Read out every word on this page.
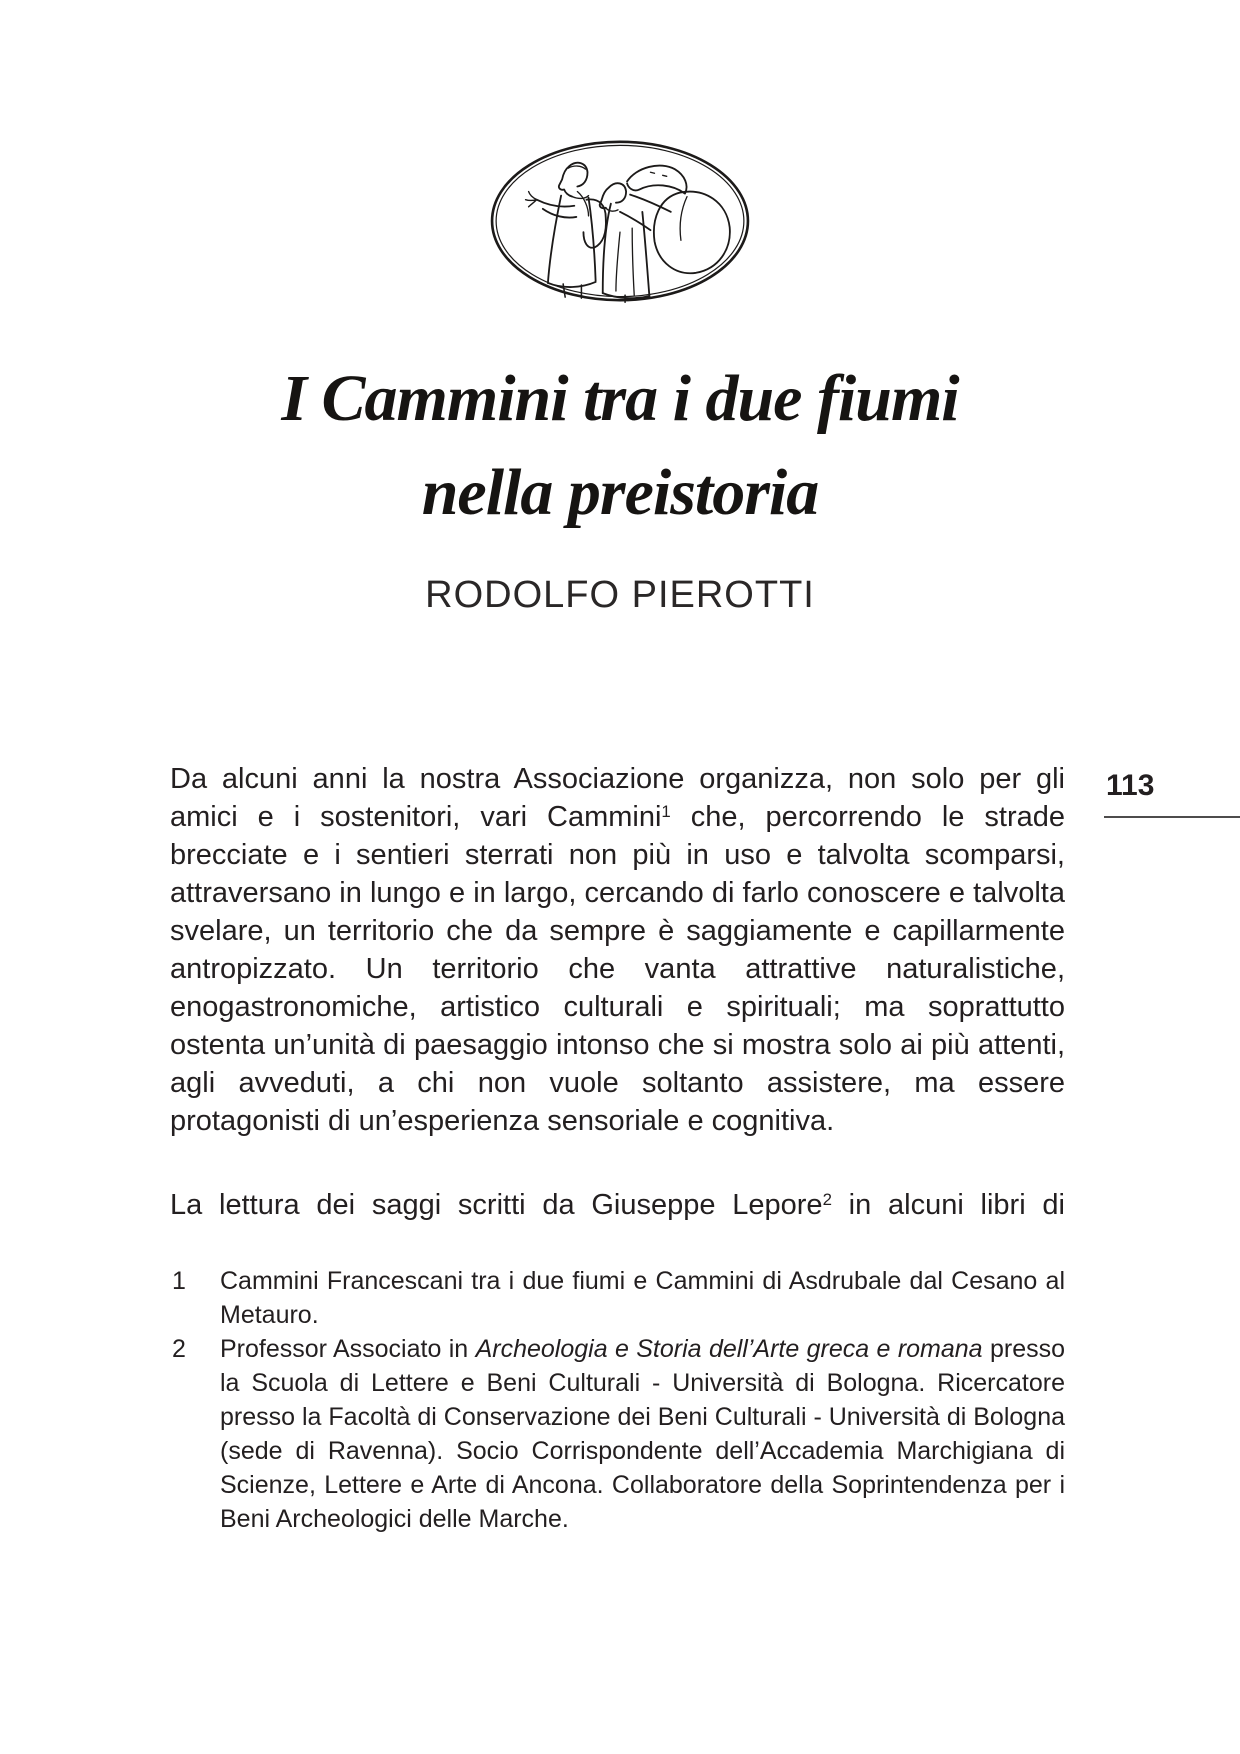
I Cammini tra i due fiumi
nella preistoria
RODOLFO PIEROTTI
113

Da alcuni anni la nostra Associazione organizza, non solo per gli amici e i sostenitori, vari Cammini$^1$ che, percorrendo le strade brecciate e i sentieri sterrati non più in uso e talvolta scomparsi, attraversano in lungo e in largo, cercando di farlo conoscere e talvolta svelare, un territorio che da sempre è saggiamente e capillarmente antropizzato. Un territorio che vanta attrattive naturalistiche, enogastronomiche, artistico culturali e spirituali; ma soprattutto ostenta un’unità di paesaggio intonso che si mostra solo ai più attenti, agli avveduti, a chi non vuole soltanto assistere, ma essere protagonisti di un’esperienza sensoriale e cognitiva.

La lettura dei saggi scritti da Giuseppe Lepore$^2$ in alcuni libri di

1	Cammini Francescani tra i due fiumi e Cammini di Asdrubale dal Cesano al Metauro.
2	Professor Associato in Archeologia e Storia dell’Arte greca e romana presso la Scuola di Lettere e Beni Culturali - Università di Bologna. Ricercatore presso la Facoltà di Conservazione dei Beni Culturali - Università di Bologna (sede di Ravenna). Socio Corrispondente dell’Accademia Marchigiana di Scienze, Lettere e Arte di Ancona. Collaboratore della Soprintendenza per i Beni Archeologici delle Marche.
